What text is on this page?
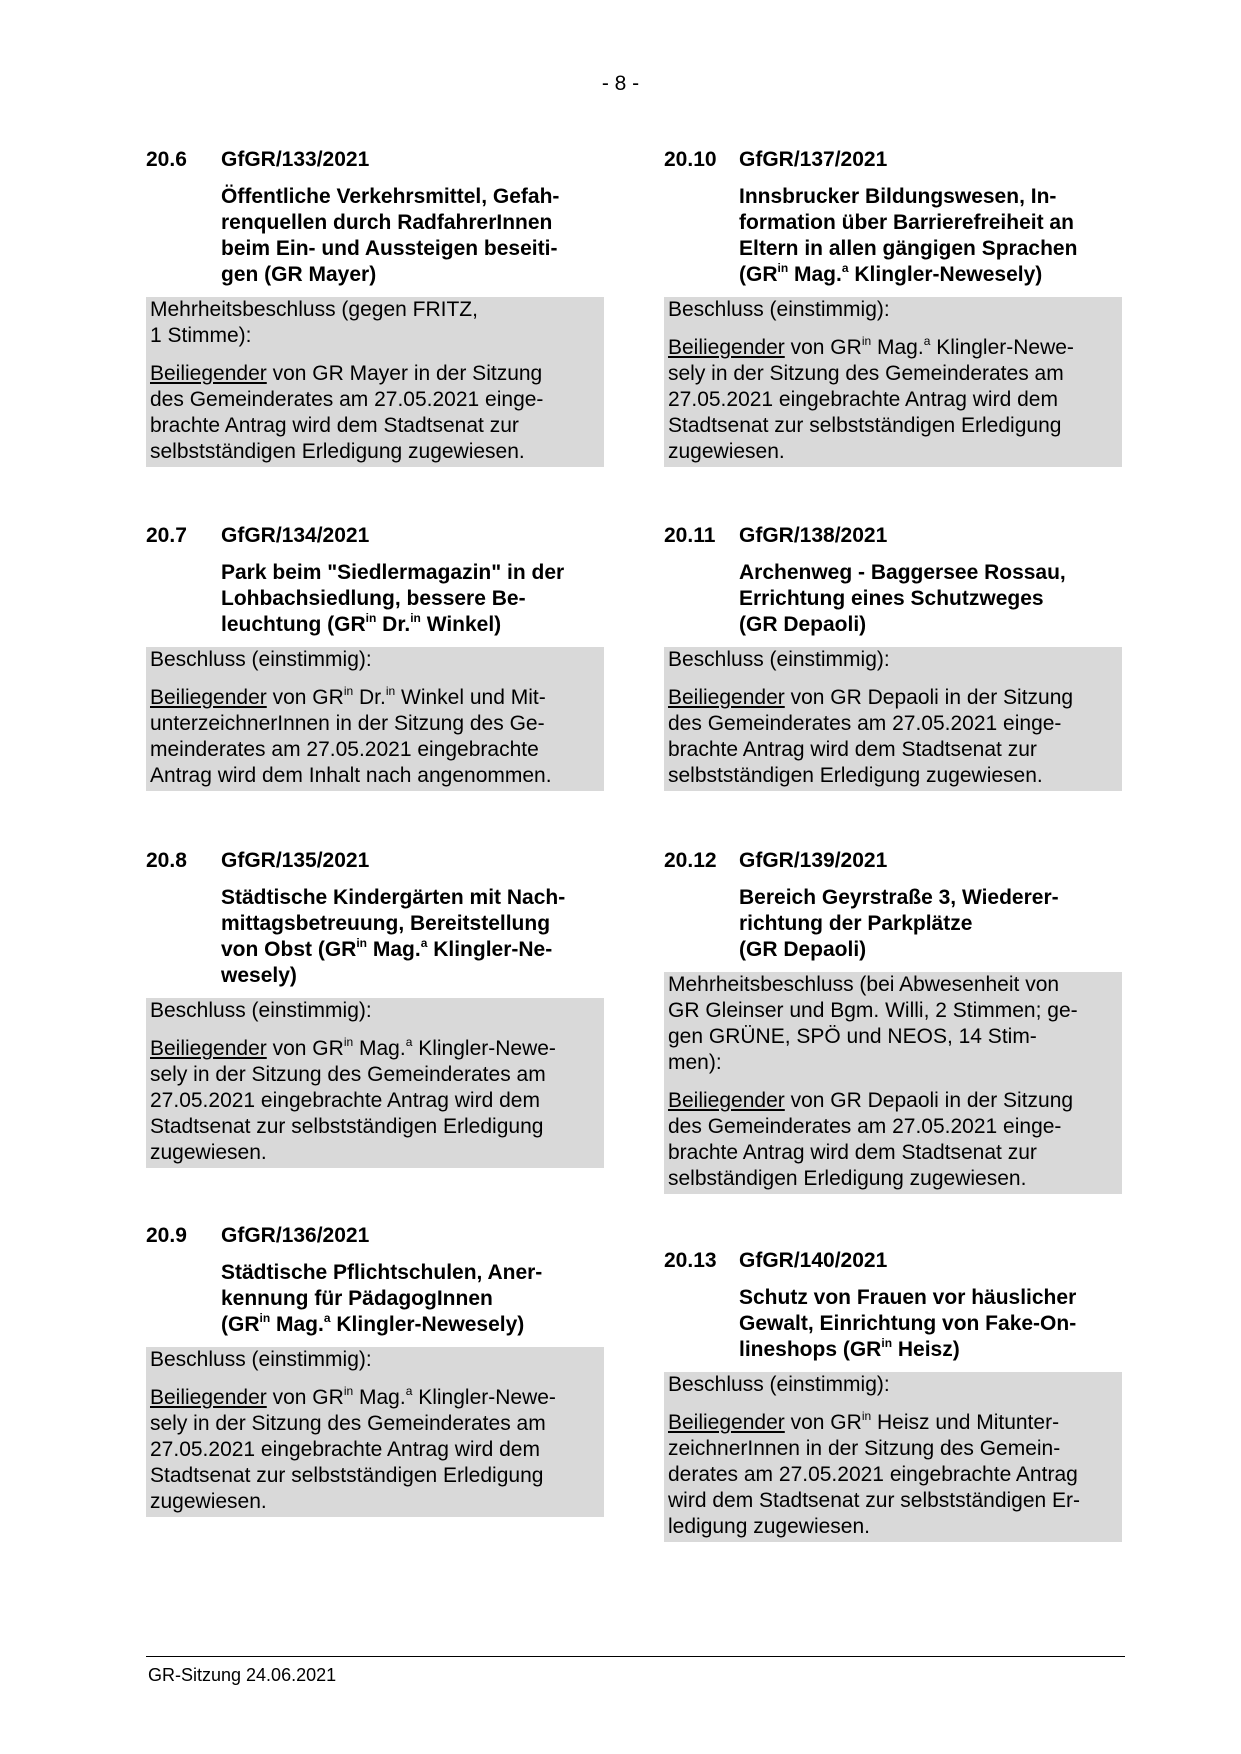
- 8 -
20.6 GfGR/133/2021
Öffentliche Verkehrsmittel, Gefah-
renquellen durch RadfahrerInnen
beim Ein- und Aussteigen beseiti-
gen (GR Mayer)

Mehrheitsbeschluss (gegen FRITZ,
1 Stimme):

Beiliegender von GR Mayer in der Sitzung
des Gemeinderates am 27.05.2021 einge-
brachte Antrag wird dem Stadtsenat zur
selbstständigen Erledigung zugewiesen.

20.7 GfGR/134/2021
Park beim "Siedlermagazin" in der
Lohbachsiedlung, bessere Be-
leuchtung ($GR^{in}$ Dr.$^{in}$ Winkel)

Beschluss (einstimmig):

Beiliegender von $GR^{in}$ Dr.$^{in}$ Winkel und Mit-
unterzeichnerInnen in der Sitzung des Ge-
meinderates am 27.05.2021 eingebrachte
Antrag wird dem Inhalt nach angenommen.

20.8 GfGR/135/2021
Städtische Kindergärten mit Nach-
mittagsbetreuung, Bereitstellung
von Obst ($GR^{in}$ Mag.$^a$ Klingler-Ne-
wesely)

Beschluss (einstimmig):

Beiliegender von $GR^{in}$ Mag.$^a$ Klingler-Newe-
sely in der Sitzung des Gemeinderates am
27.05.2021 eingebrachte Antrag wird dem
Stadtsenat zur selbstständigen Erledigung
zugewiesen.

20.9 GfGR/136/2021
Städtische Pflichtschulen, Aner-
kennung für PädagogInnen
($GR^{in}$ Mag.$^a$ Klingler-Newesely)

Beschluss (einstimmig):

Beiliegender von $GR^{in}$ Mag.$^a$ Klingler-Newe-
sely in der Sitzung des Gemeinderates am
27.05.2021 eingebrachte Antrag wird dem
Stadtsenat zur selbstständigen Erledigung
zugewiesen.

20.10 GfGR/137/2021
Innsbrucker Bildungswesen, In-
formation über Barrierefreiheit an
Eltern in allen gängigen Sprachen
($GR^{in}$ Mag.$^a$ Klingler-Newesely)

Beschluss (einstimmig):

Beiliegender von $GR^{in}$ Mag.$^a$ Klingler-Newe-
sely in der Sitzung des Gemeinderates am
27.05.2021 eingebrachte Antrag wird dem
Stadtsenat zur selbstständigen Erledigung
zugewiesen.

20.11 GfGR/138/2021
Archenweg - Baggersee Rossau,
Errichtung eines Schutzweges
(GR Depaoli)

Beschluss (einstimmig):

Beiliegender von GR Depaoli in der Sitzung
des Gemeinderates am 27.05.2021 einge-
brachte Antrag wird dem Stadtsenat zur
selbstständigen Erledigung zugewiesen.

20.12 GfGR/139/2021
Bereich Geyrstraße 3, Wiederer-
richtung der Parkplätze
(GR Depaoli)

Mehrheitsbeschluss (bei Abwesenheit von
GR Gleinser und Bgm. Willi, 2 Stimmen; ge-
gen GRÜNE, SPÖ und NEOS, 14 Stim-
men):

Beiliegender von GR Depaoli in der Sitzung
des Gemeinderates am 27.05.2021 einge-
brachte Antrag wird dem Stadtsenat zur
selbständigen Erledigung zugewiesen.

20.13 GfGR/140/2021
Schutz von Frauen vor häuslicher
Gewalt, Einrichtung von Fake-On-
lineshops ($GR^{in}$ Heisz)

Beschluss (einstimmig):

Beiliegender von $GR^{in}$ Heisz und Mitunter-
zeichnerInnen in der Sitzung des Gemein-
derates am 27.05.2021 eingebrachte Antrag
wird dem Stadtsenat zur selbstständigen Er-
ledigung zugewiesen.

GR-Sitzung 24.06.2021
